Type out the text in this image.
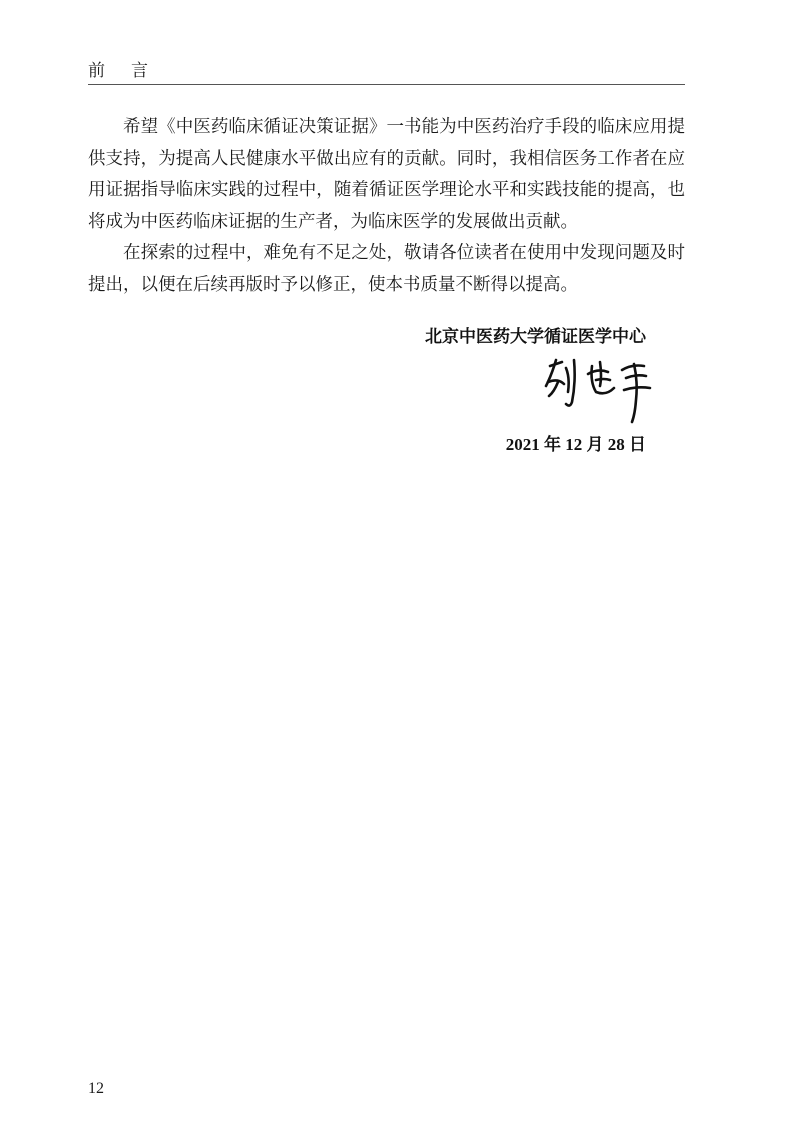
前言

希望《中医药临床循证决策证据》一书能为中医药治疗手段的临床应用提供支持，为提高人民健康水平做出应有的贡献。同时，我相信医务工作者在应用证据指导临床实践的过程中，随着循证医学理论水平和实践技能的提高，也将成为中医药临床证据的生产者，为临床医学的发展做出贡献。

在探索的过程中，难免有不足之处，敬请各位读者在使用中发现问题及时提出，以便在后续再版时予以修正，使本书质量不断得以提高。

北京中医药大学循证医学中心
2021 年 12 月 28 日
12
